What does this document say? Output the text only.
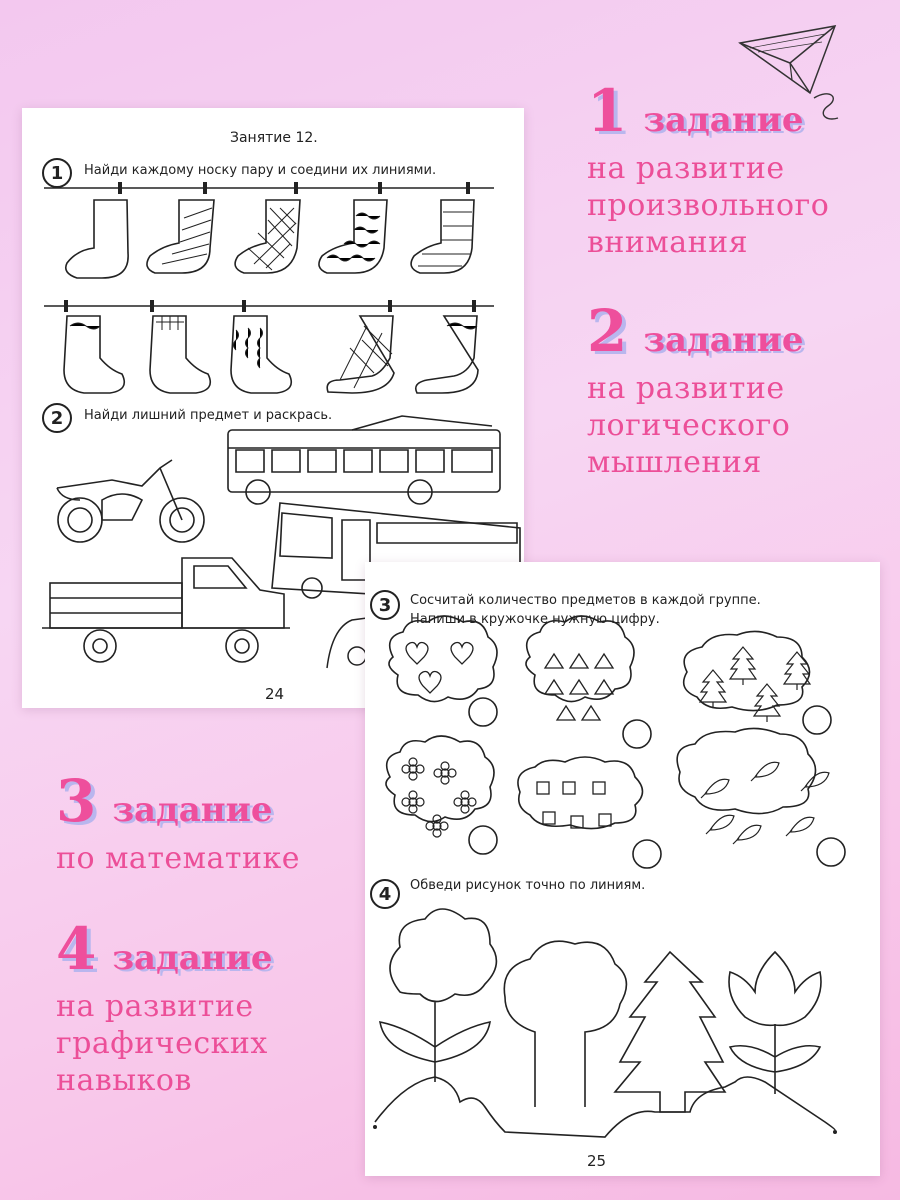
Занятие 12.
1	Найди каждому носку пару и соедини их линиями.
2	Найди лишний предмет и раскрась.
24
3	Сосчитай количество предметов в каждой группе.
Напиши в кружочке нужную цифру.
4	Обведи рисунок точно по линиям.
25
1 задание
на развитие
произвольного
внимания
2 задание
на развитие
логического
мышления
3 задание
по математике
4 задание
на развитие
графических
навыков
